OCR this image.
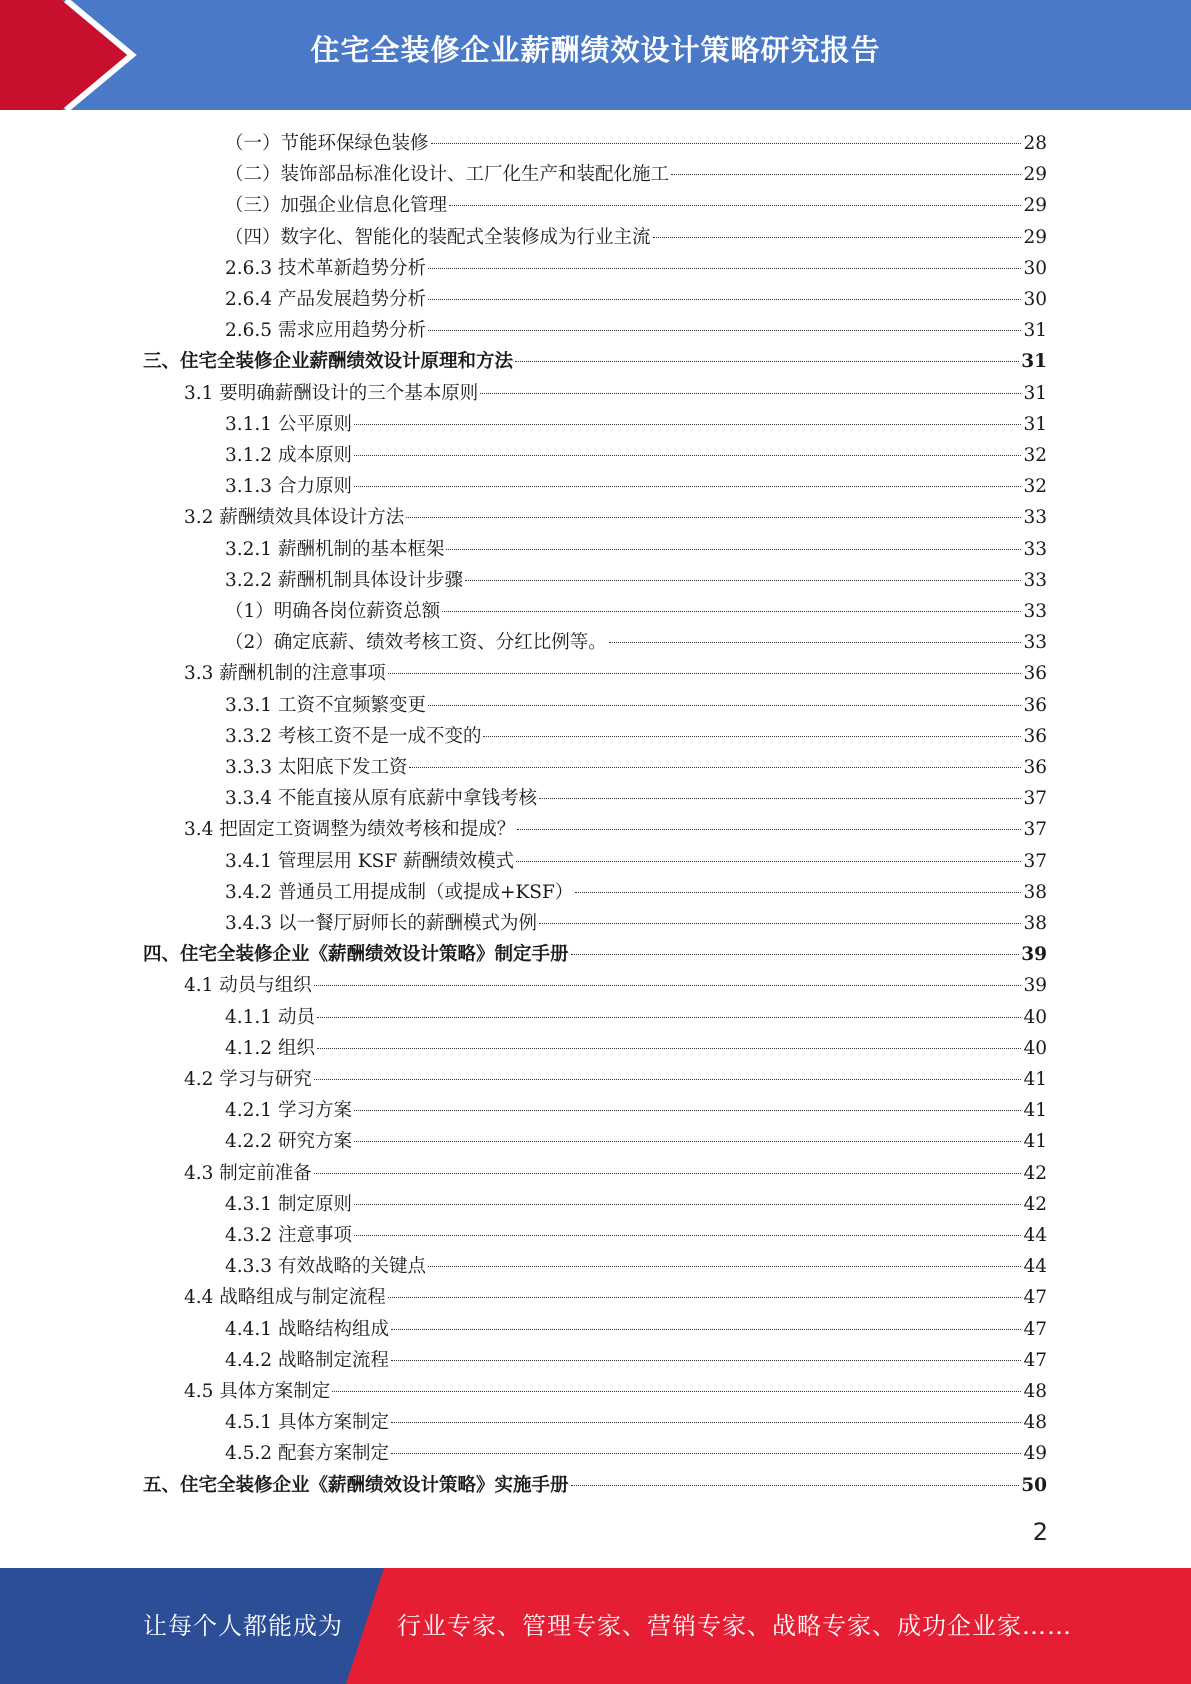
住宅全装修企业薪酬绩效设计策略研究报告
（一）节能环保绿色装修	28
（二）装饰部品标准化设计、工厂化生产和装配化施工	29
（三）加强企业信息化管理	29
（四）数字化、智能化的装配式全装修成为行业主流	29
2.6.3 技术革新趋势分析	30
2.6.4 产品发展趋势分析	30
2.6.5 需求应用趋势分析	31
三、住宅全装修企业薪酬绩效设计原理和方法	31
3.1 要明确薪酬设计的三个基本原则	31
3.1.1 公平原则	31
3.1.2 成本原则	32
3.1.3 合力原则	32
3.2 薪酬绩效具体设计方法	33
3.2.1 薪酬机制的基本框架	33
3.2.2 薪酬机制具体设计步骤	33
（1）明确各岗位薪资总额	33
（2）确定底薪、绩效考核工资、分红比例等。	33
3.3 薪酬机制的注意事项	36
3.3.1 工资不宜频繁变更	36
3.3.2 考核工资不是一成不变的	36
3.3.3 太阳底下发工资	36
3.3.4 不能直接从原有底薪中拿钱考核	37
3.4 把固定工资调整为绩效考核和提成？	37
3.4.1 管理层用 KSF 薪酬绩效模式	37
3.4.2 普通员工用提成制（或提成+KSF）	38
3.4.3 以一餐厅厨师长的薪酬模式为例	38
四、住宅全装修企业《薪酬绩效设计策略》制定手册	39
4.1 动员与组织	39
4.1.1 动员	40
4.1.2 组织	40
4.2 学习与研究	41
4.2.1 学习方案	41
4.2.2 研究方案	41
4.3 制定前准备	42
4.3.1 制定原则	42
4.3.2 注意事项	44
4.3.3 有效战略的关键点	44
4.4 战略组成与制定流程	47
4.4.1 战略结构组成	47
4.4.2 战略制定流程	47
4.5 具体方案制定	48
4.5.1 具体方案制定	48
4.5.2 配套方案制定	49
五、住宅全装修企业《薪酬绩效设计策略》实施手册	50
2
让每个人都能成为 行业专家、管理专家、营销专家、战略专家、成功企业家……
